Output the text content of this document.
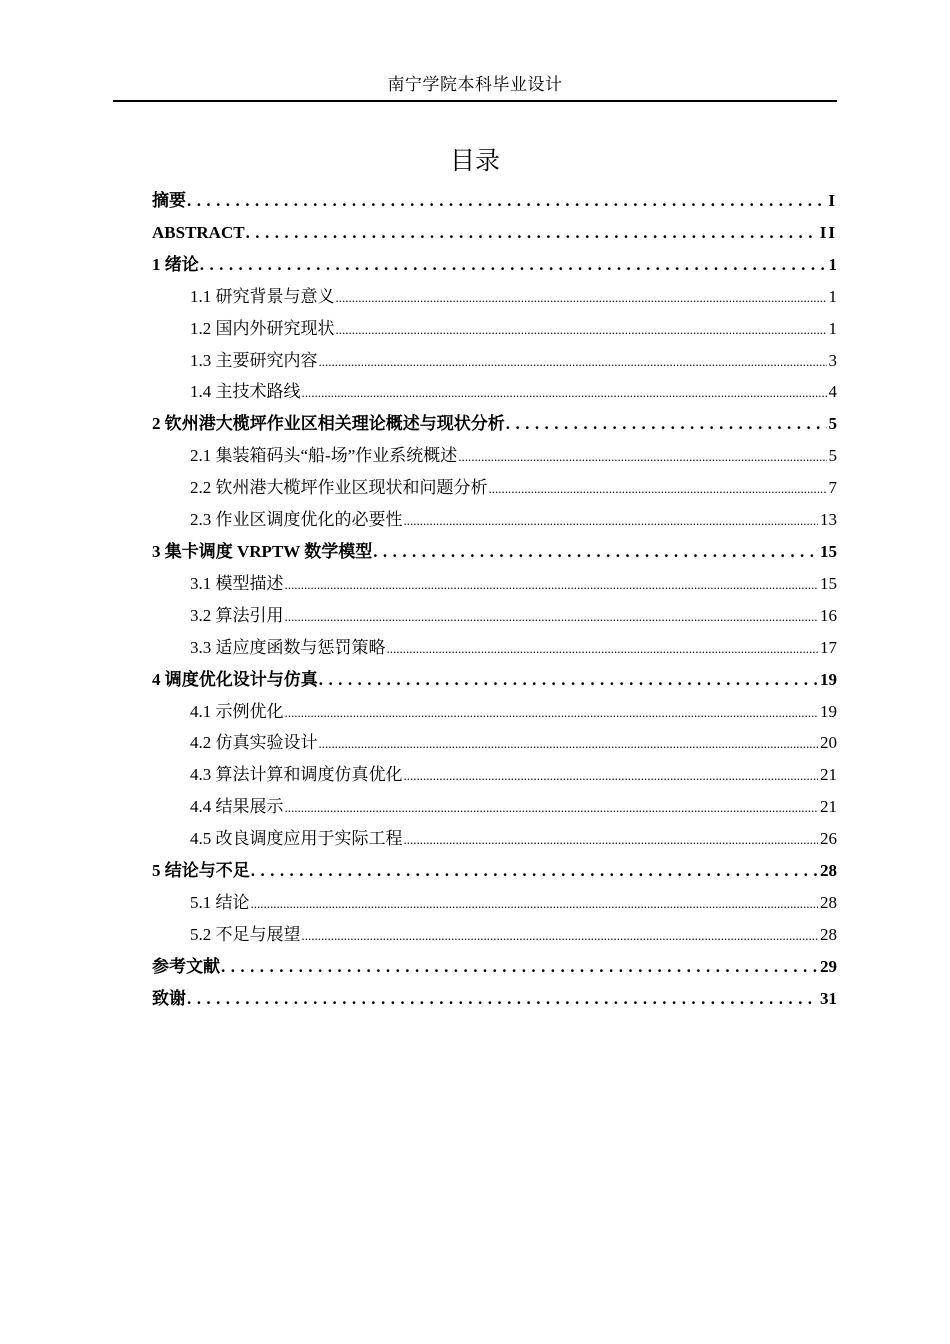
南宁学院本科毕业设计
目录
摘要 . . .	I
ABSTRACT . . .	II
1 绪论 . . .	1
1.1 研究背景与意义 .....	1
1.2 国内外研究现状 .....	1
1.3 主要研究内容 .....	3
1.4 主技术路线 .....	4
2 钦州港大榄坪作业区相关理论概述与现状分析 . . .	5
2.1 集装箱码头“船-场”作业系统概述 .....	5
2.2 钦州港大榄坪作业区现状和问题分析 .....	7
2.3 作业区调度优化的必要性 .....	13
3 集卡调度 VRPTW 数学模型 . . .	15
3.1 模型描述 .....	15
3.2 算法引用 .....	16
3.3 适应度函数与惩罚策略 .....	17
4 调度优化设计与仿真 . . .	19
4.1 示例优化 .....	19
4.2 仿真实验设计 .....	20
4.3 算法计算和调度仿真优化 .....	21
4.4 结果展示 .....	21
4.5 改良调度应用于实际工程 .....	26
5 结论与不足 . . .	28
5.1 结论 .....	28
5.2 不足与展望 .....	28
参考文献 . . .	29
致谢 . . .	31
